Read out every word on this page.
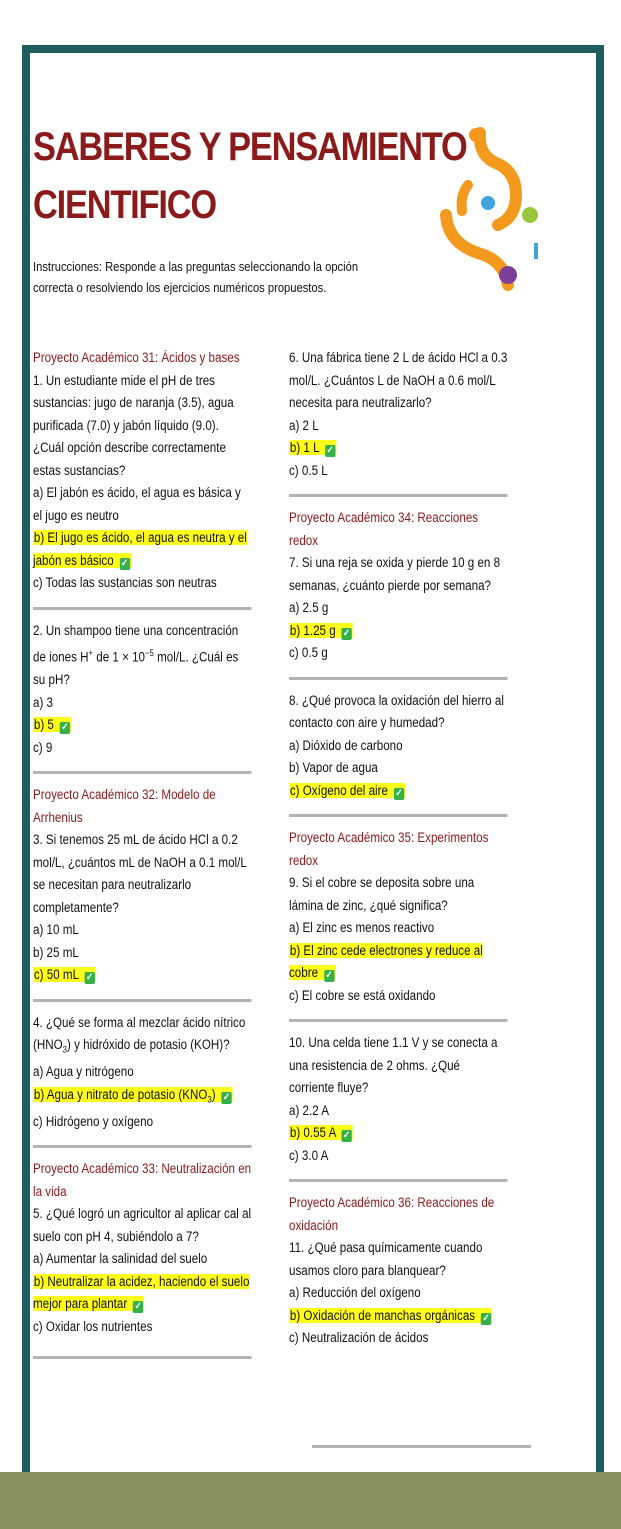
SABERES Y PENSAMIENTO
CIENTIFICO
Instrucciones: Responde a las preguntas seleccionando la opción correcta o resolviendo los ejercicios numéricos propuestos.
Proyecto Académico 31: Ácidos y bases
1. Un estudiante mide el pH de tres sustancias: jugo de naranja (3.5), agua purificada (7.0) y jabón líquido (9.0). ¿Cuál opción describe correctamente estas sustancias?
a) El jabón es ácido, el agua es básica y el jugo es neutro
b) El jugo es ácido, el agua es neutra y el jabón es básico ✓
c) Todas las sustancias son neutras
2. Un shampoo tiene una concentración de iones H+ de $1 \times 10^{-5}$ mol/L. ¿Cuál es su pH?
a) 3
b) 5 ✓
c) 9
Proyecto Académico 32: Modelo de Arrhenius
3. Si tenemos 25 mL de ácido HCl a 0.2 mol/L, ¿cuántos mL de NaOH a 0.1 mol/L se necesitan para neutralizarlo completamente?
a) 10 mL
b) 25 mL
c) 50 mL ✓
4. ¿Qué se forma al mezclar ácido nítrico $(HNO_3)$ y hidróxido de potasio (KOH)?
a) Agua y nitrógeno
b) Agua y nitrato de potasio $(KNO_3)$ ✓
c) Hidrógeno y oxígeno
Proyecto Académico 33: Neutralización en la vida
5. ¿Qué logró un agricultor al aplicar cal al suelo con pH 4, subiéndolo a 7?
a) Aumentar la salinidad del suelo
b) Neutralizar la acidez, haciendo el suelo mejor para plantar ✓
c) Oxidar los nutrientes
6. Una fábrica tiene 2 L de ácido HCl a 0.3 mol/L. ¿Cuántos L de NaOH a 0.6 mol/L necesita para neutralizarlo?
a) 2 L
b) 1 L ✓
c) 0.5 L
Proyecto Académico 34: Reacciones redox
7. Si una reja se oxida y pierde 10 g en 8 semanas, ¿cuánto pierde por semana?
a) 2.5 g
b) 1.25 g ✓
c) 0.5 g
8. ¿Qué provoca la oxidación del hierro al contacto con aire y humedad?
a) Dióxido de carbono
b) Vapor de agua
c) Oxígeno del aire ✓
Proyecto Académico 35: Experimentos redox
9. Si el cobre se deposita sobre una lámina de zinc, ¿qué significa?
a) El zinc es menos reactivo
b) El zinc cede electrones y reduce al cobre ✓
c) El cobre se está oxidando
10. Una celda tiene 1.1 V y se conecta a una resistencia de 2 ohms. ¿Qué corriente fluye?
a) 2.2 A
b) 0.55 A ✓
c) 3.0 A
Proyecto Académico 36: Reacciones de oxidación
11. ¿Qué pasa químicamente cuando usamos cloro para blanquear?
a) Reducción del oxígeno
b) Oxidación de manchas orgánicas ✓
c) Neutralización de ácidos
